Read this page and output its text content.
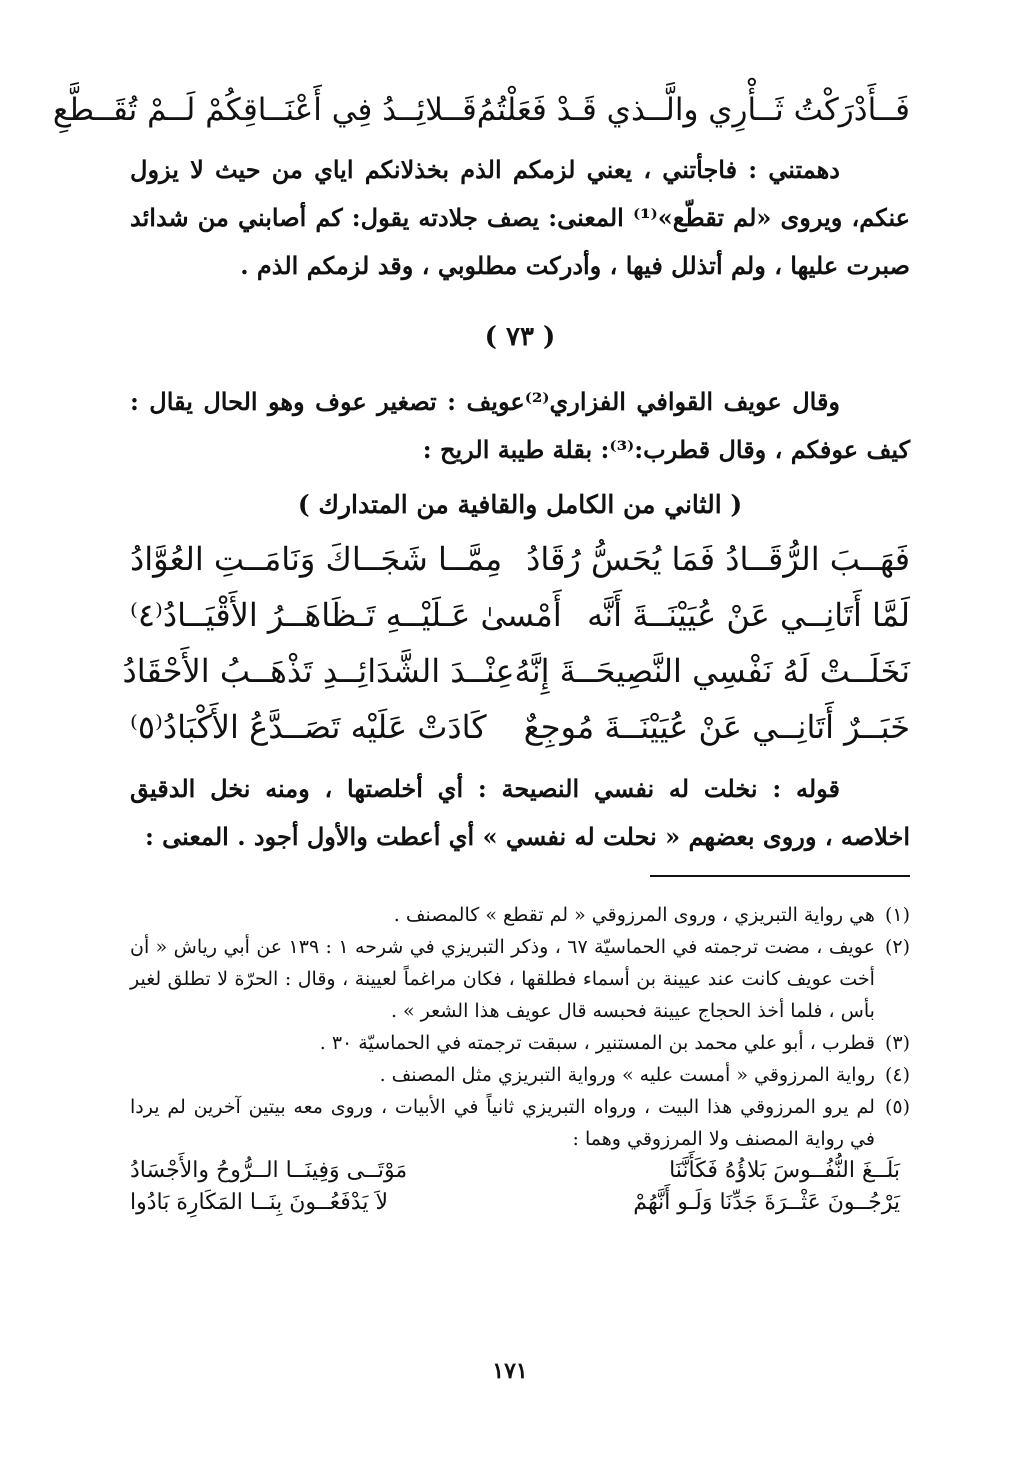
فَــأَدْرَكْتُ ثَــأْرِي والَّــذي قَـدْ فَعَلْتُمُ
قَــلائِــدُ فِي أَعْنَــاقِكُمْ لَــمْ تُقَــطَّعِ

دهمتني : فاجأتني ، يعني لزمكم الذم بخذلانكم اياي من حيث لا يزول عنكم، ويروى «لم تقطّع»⁽¹⁾ المعنى: يصف جلادته يقول: كم أصابني من شدائد صبرت عليها ، ولم أتذلل فيها ، وأدركت مطلوبي ، وقد لزمكم الذم .

( ٧٣ )

وقال عويف القوافي الفزاري⁽²⁾عويف : تصغير عوف وهو الحال يقال : كيف عوفكم ، وقال قطرب:⁽³⁾: بقلة طيبة الريح :

( الثاني من الكامل والقافية من المتدارك )
فَهَــبَ الرُّقَــادُ فَمَا يُحَسُّ رُقَادُ
مِمَّــا شَجَــاكَ وَنَامَــتِ العُوَّادُ
لَمَّا أَتَانِــي عَنْ عُيَيْنَــةَ أَنَّه
أَمْسىٰ عَـلَيْــهِ تَـظَاهَــرُ الأَقْيَــادُ⁽٤⁾
نَخَلَــتْ لَهُ نَفْسِي النَّصِيحَــةَ إِنَّهُ
عِنْــدَ الشَّدَائِــدِ تَذْهَــبُ الأَحْقَادُ
خَبَــرٌ أَتَانِــي عَنْ عُيَيْنَــةَ مُوجِعٌ
كَادَتْ عَلَيْه تَصَــدَّعُ الأَكْبَادُ⁽٥⁾

قوله : نخلت له نفسي النصيحة : أي أخلصتها ، ومنه نخل الدقيق اخلاصه ، وروى بعضهم « نحلت له نفسي » أي أعطت والأول أجود . المعنى :

(١)
هي رواية التبريزي ، وروى المرزوقي « لم تقطع » كالمصنف .
(٢)
عويف ، مضت ترجمته في الحماسيّة ٦٧ ، وذكر التبريزي في شرحه ١ : ١٣٩ عن أبي رياش « أن أخت عويف كانت عند عيينة بن أسماء فطلقها ، فكان مراغماً لعيينة ، وقال : الحرّة لا تطلق لغير بأس ، فلما أخذ الحجاج عيينة فحبسه قال عويف هذا الشعر » .
(٣)
قطرب ، أبو علي محمد بن المستنير ، سبقت ترجمته في الحماسيّة ٣٠ .
(٤)
رواية المرزوقي « أمست عليه » ورواية التبريزي مثل المصنف .
(٥)
لم يرو المرزوقي هذا البيت ، ورواه التبريزي ثانياً في الأبيات ، وروى معه بيتين آخرين لم يردا في رواية المصنف ولا المرزوقي وهما :
بَلَــغَ النُّفُــوسَ بَلاؤُهُ فَكَأَنَّنَا
مَوْتَــى وَفِينَــا الــرُّوحُ والأَجْسَادُ
يَرْجُــونَ عَثْــرَةَ جَدِّنَا وَلَـو أَنَّهُمْ
لاَ يَدْفَعُــونَ بِنَــا المَكَارِهَ بَادُوا
١٧١
